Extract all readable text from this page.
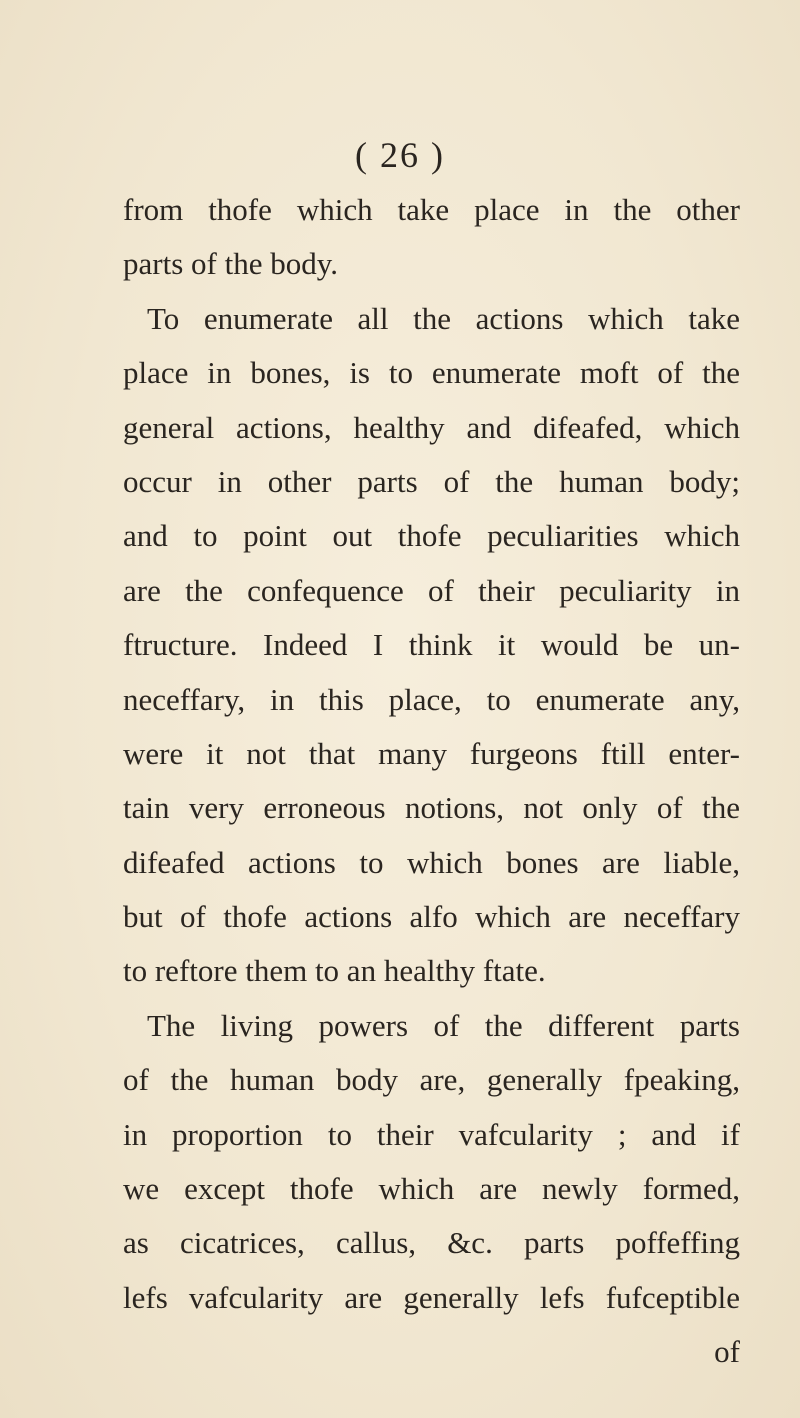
( 26 )
from thofe which take place in the other
parts of the body.
To enumerate all the actions which take
place in bones, is to enumerate moft of the
general actions, healthy and difeafed, which
occur in other parts of the human body;
and to point out thofe peculiarities which
are the confequence of their peculiarity in
ftructure. Indeed I think it would be un-
neceffary, in this place, to enumerate any,
were it not that many furgeons ftill enter-
tain very erroneous notions, not only of the
difeafed actions to which bones are liable,
but of thofe actions alfo which are neceffary
to reftore them to an healthy ftate.
The living powers of the different parts
of the human body are, generally fpeaking,
in proportion to their vafcularity ; and if
we except thofe which are newly formed,
as cicatrices, callus, &c. parts poffeffing
lefs vafcularity are generally lefs fufceptible
of
